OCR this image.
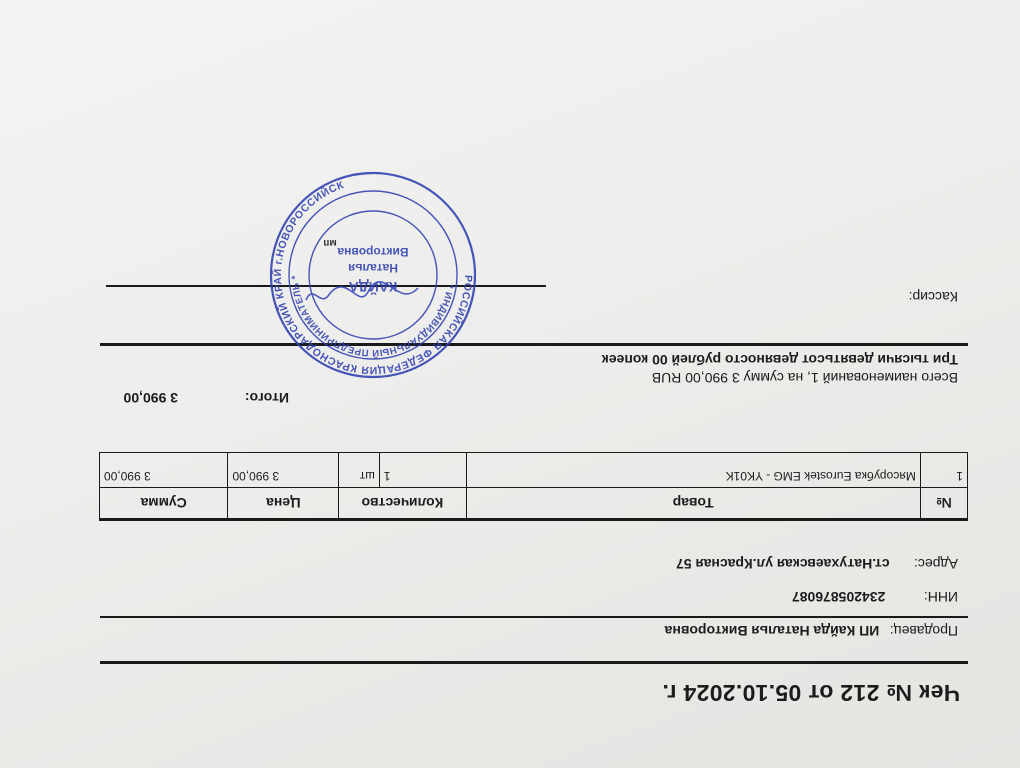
Чек № 212 от 05.10.2024 г.
Продавец: ИП Кайда Наталья Викторовна
ИНН: 234205876087
Адрес: ст.Натухаевская ул.Красная 57
№	Товар	Количество		Цена	Сумма
1	Мясорубка Eurostek EMG - YK01K	1	шт	3 990,00	3 990,00
Итого:
3 990,00
Всего наименований 1, на сумму 3 990,00 RUB
Три тысячи девятьсот девяносто рублей 00 копеек
Кассир:
РОССИЙСКАЯ ФЕДЕРАЦИЯ КРАСНОДАРСКИЙ КРАЙ г.НОВОРОССИЙСК
* ИНДИВИДУАЛЬНЫЙ ПРЕДПРИНИМАТЕЛЬ *
КАЙДА
Наталья
Викторовна
мп
